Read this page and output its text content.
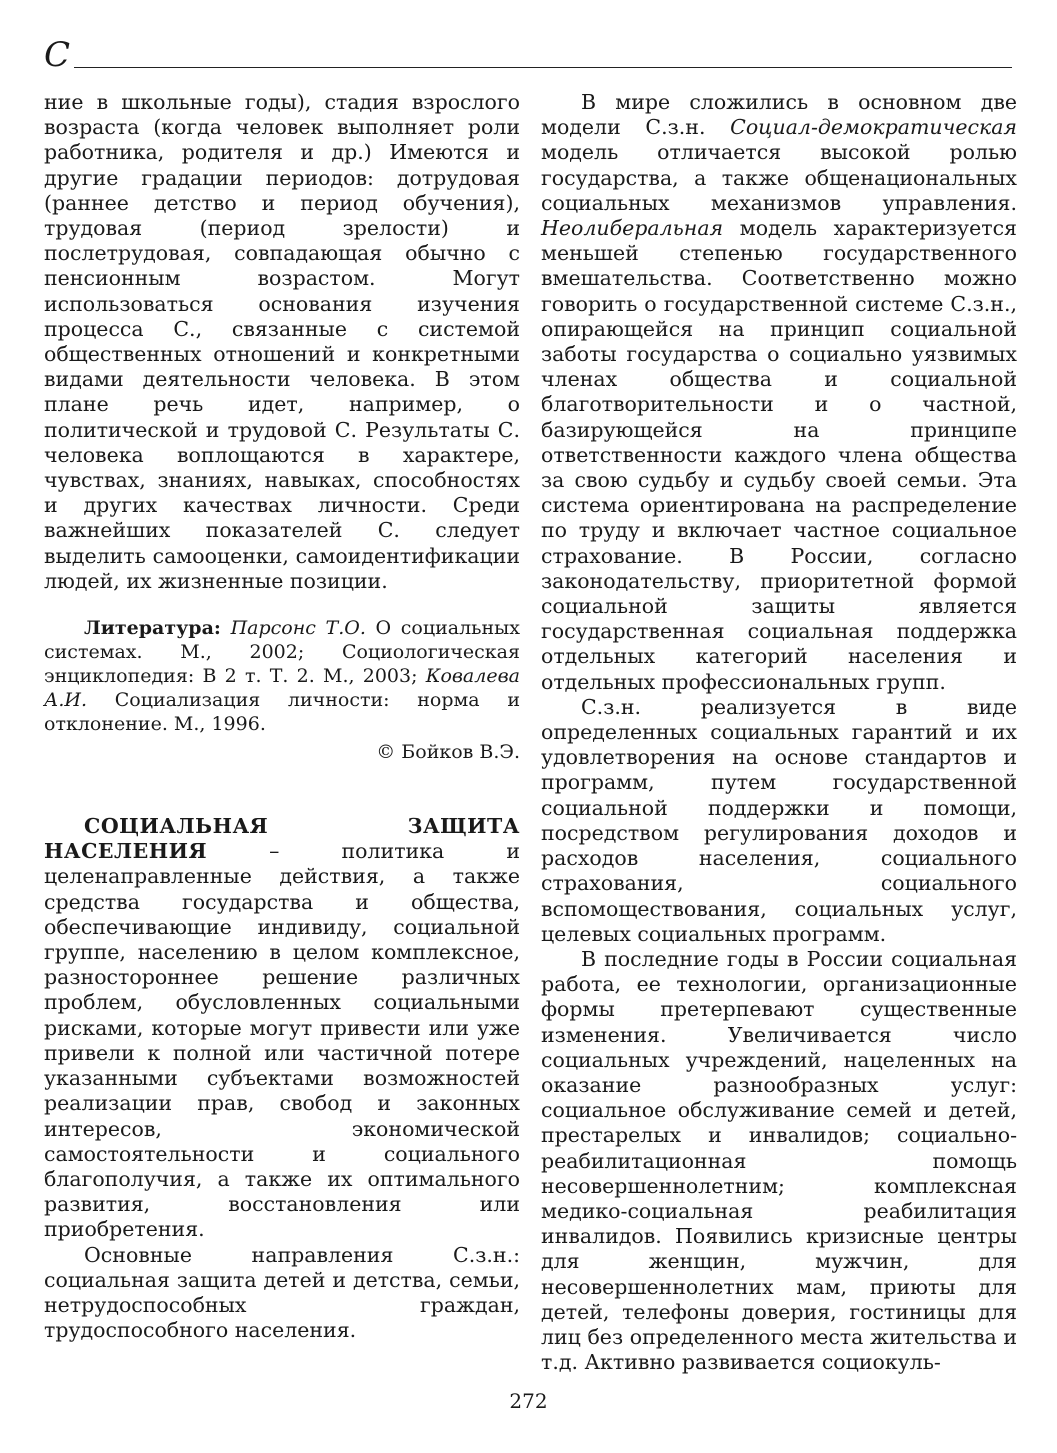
С

ние в школьные годы), стадия взрослого возраста (когда человек выполняет роли работника, родителя и др.) Имеются и другие градации периодов: дотрудовая (раннее детство и период обучения), трудовая (период зрелости) и послетрудовая, совпадающая обычно с пенсионным возрастом. Могут использоваться основания изучения процесса С., связанные с системой общественных отношений и конкретными видами деятельности человека. В этом плане речь идет, например, о политической и трудовой С. Результаты С. человека воплощаются в характере, чувствах, знаниях, навыках, способностях и других качествах личности. Среди важнейших показателей С. следует выделить самооценки, самоидентификации людей, их жизненные позиции.

Литература: Парсонс Т.О. О социальных системах. М., 2002; Социологическая энциклопедия: В 2 т. Т. 2. М., 2003; Ковалева А.И. Социализация личности: норма и отклонение. М., 1996.

© Бойков В.Э.

СОЦИАЛЬНАЯ ЗАЩИТА НАСЕЛЕНИЯ – политика и целенаправленные действия, а также средства государства и общества, обеспечивающие индивиду, социальной группе, населению в целом комплексное, разностороннее решение различных проблем, обусловленных социальными рисками, которые могут привести или уже привели к полной или частичной потере указанными субъектами возможностей реализации прав, свобод и законных интересов, экономической самостоятельности и социального благополучия, а также их оптимального развития, восстановления или приобретения.

Основные направления С.з.н.: социальная защита детей и детства, семьи, нетрудоспособных граждан, трудоспособного населения.

В мире сложились в основном две модели С.з.н. Социал-демократическая модель отличается высокой ролью государства, а также общенациональных социальных механизмов управления. Неолиберальная модель характеризуется меньшей степенью государственного вмешательства. Соответственно можно говорить о государственной системе С.з.н., опирающейся на принцип социальной заботы государства о социально уязвимых членах общества и социальной благотворительности и о частной, базирующейся на принципе ответственности каждого члена общества за свою судьбу и судьбу своей семьи. Эта система ориентирована на распределение по труду и включает частное социальное страхование. В России, согласно законодательству, приоритетной формой социальной защиты является государственная социальная поддержка отдельных категорий населения и отдельных профессиональных групп.

С.з.н. реализуется в виде определенных социальных гарантий и их удовлетворения на основе стандартов и программ, путем государственной социальной поддержки и помощи, посредством регулирования доходов и расходов населения, социального страхования, социального вспомоществования, социальных услуг, целевых социальных программ.

В последние годы в России социальная работа, ее технологии, организационные формы претерпевают существенные изменения. Увеличивается число социальных учреждений, нацеленных на оказание разнообразных услуг: социальное обслуживание семей и детей, престарелых и инвалидов; социально-реабилитационная помощь несовершеннолетним; комплексная медико-социальная реабилитация инвалидов. Появились кризисные центры для женщин, мужчин, для несовершеннолетних мам, приюты для детей, телефоны доверия, гостиницы для лиц без определенного места жительства и т.д. Активно развивается социокуль-

272
